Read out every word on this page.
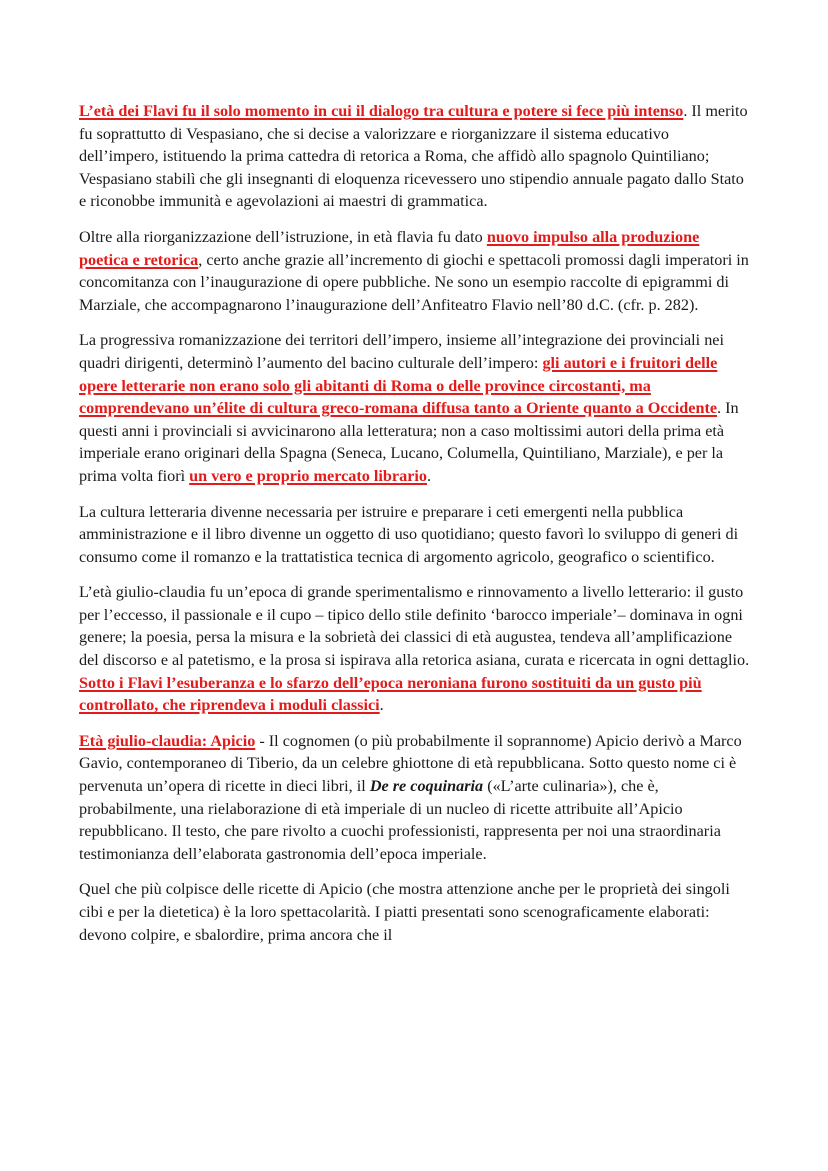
L’età dei Flavi fu il solo momento in cui il dialogo tra cultura e potere si fece più intenso. Il merito fu soprattutto di Vespasiano, che si decise a valorizzare e riorganizzare il sistema educativo dell’impero, istituendo la prima cattedra di retorica a Roma, che affidò allo spagnolo Quintiliano; Vespasiano stabilì che gli insegnanti di eloquenza ricevessero uno stipendio annuale pagato dallo Stato e riconobbe immunità e agevolazioni ai maestri di grammatica.

Oltre alla riorganizzazione dell’istruzione, in età flavia fu dato nuovo impulso alla produzione poetica e retorica, certo anche grazie all’incremento di giochi e spettacoli promossi dagli imperatori in concomitanza con l’inaugurazione di opere pubbliche. Ne sono un esempio raccolte di epigrammi di Marziale, che accompagnarono l’inaugurazione dell’Anfiteatro Flavio nell’80 d.C. (cfr. p. 282).

La progressiva romanizzazione dei territori dell’impero, insieme all’integrazione dei provinciali nei quadri dirigenti, determinò l’aumento del bacino culturale dell’impero: gli autori e i fruitori delle opere letterarie non erano solo gli abitanti di Roma o delle province circostanti, ma comprendevano un’élite di cultura greco-romana diffusa tanto a Oriente quanto a Occidente. In questi anni i provinciali si avvicinarono alla letteratura; non a caso moltissimi autori della prima età imperiale erano originari della Spagna (Seneca, Lucano, Columella, Quintiliano, Marziale), e per la prima volta fiorì un vero e proprio mercato librario.

La cultura letteraria divenne necessaria per istruire e preparare i ceti emergenti nella pubblica amministrazione e il libro divenne un oggetto di uso quotidiano; questo favorì lo sviluppo di generi di consumo come il romanzo e la trattatistica tecnica di argomento agricolo, geografico o scientifico.

L’età giulio-claudia fu un’epoca di grande sperimentalismo e rinnovamento a livello letterario: il gusto per l’eccesso, il passionale e il cupo – tipico dello stile definito ‘barocco imperiale’– dominava in ogni genere; la poesia, persa la misura e la sobrietà dei classici di età augustea, tendeva all’amplificazione del discorso e al patetismo, e la prosa si ispirava alla retorica asiana, curata e ricercata in ogni dettaglio. Sotto i Flavi l’esuberanza e lo sfarzo dell’epoca neroniana furono sostituiti da un gusto più controllato, che riprendeva i moduli classici.

Età giulio-claudia: Apicio - Il cognomen (o più probabilmente il soprannome) Apicio derivò a Marco Gavio, contemporaneo di Tiberio, da un celebre ghiottone di età repubblicana. Sotto questo nome ci è pervenuta un’opera di ricette in dieci libri, il De re coquinaria («L’arte culinaria»), che è, probabilmente, una rielaborazione di età imperiale di un nucleo di ricette attribuite all’Apicio repubblicano. Il testo, che pare rivolto a cuochi professionisti, rappresenta per noi una straordinaria testimonianza dell’elaborata gastronomia dell’epoca imperiale.

Quel che più colpisce delle ricette di Apicio (che mostra attenzione anche per le proprietà dei singoli cibi e per la dietetica) è la loro spettacolarità. I piatti presentati sono scenograficamente elaborati: devono colpire, e sbalordire, prima ancora che il
